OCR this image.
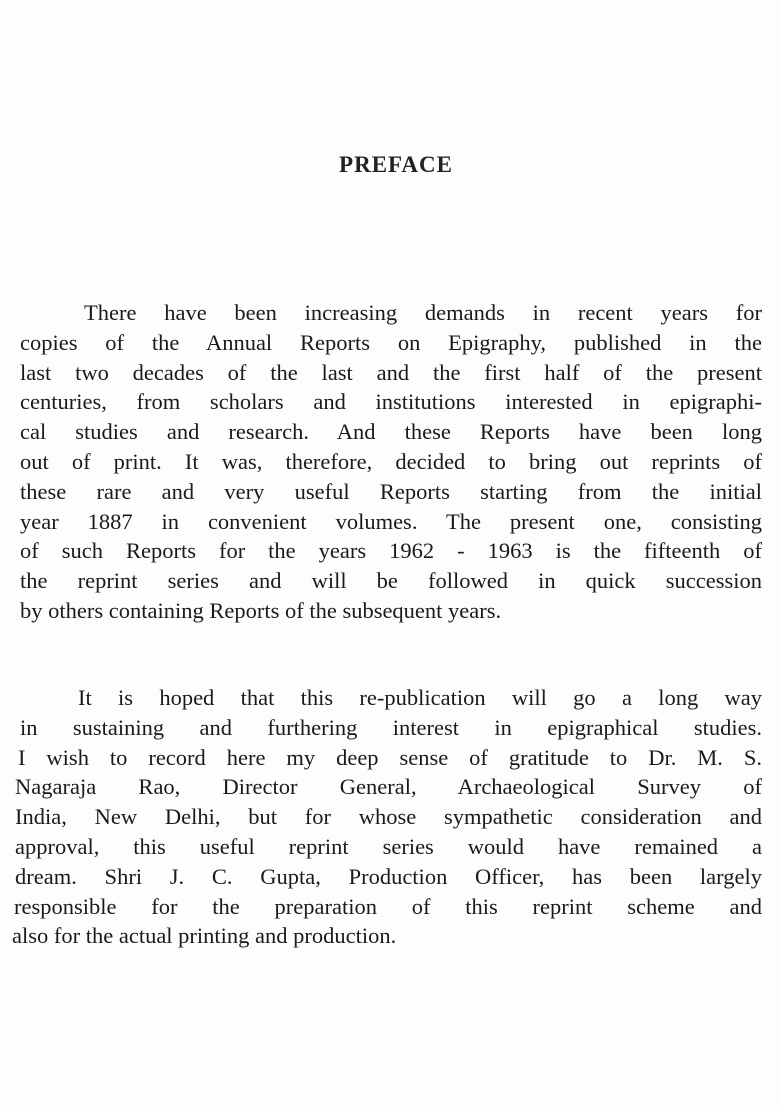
PREFACE
There have been increasing demands in recent years for
copies of the Annual Reports on Epigraphy, published in the
last two decades of the last and the first half of the present
centuries, from scholars and institutions interested in epigraphi-
cal studies and research. And these Reports have been long
out of print. It was, therefore, decided to bring out reprints of
these rare and very useful Reports starting from the initial
year 1887 in convenient volumes. The present one, consisting
of such Reports for the years 1962 - 1963 is the fifteenth of
the reprint series and will be followed in quick succession
by others containing Reports of the subsequent years.
It is hoped that this re-publication will go a long way
in sustaining and furthering interest in epigraphical studies.
I wish to record here my deep sense of gratitude to Dr. M. S.
Nagaraja Rao, Director General, Archaeological Survey of
India, New Delhi, but for whose sympathetic consideration and
approval, this useful reprint series would have remained a
dream. Shri J. C. Gupta, Production Officer, has been largely
responsible for the preparation of this reprint scheme and
also for the actual printing and production.
